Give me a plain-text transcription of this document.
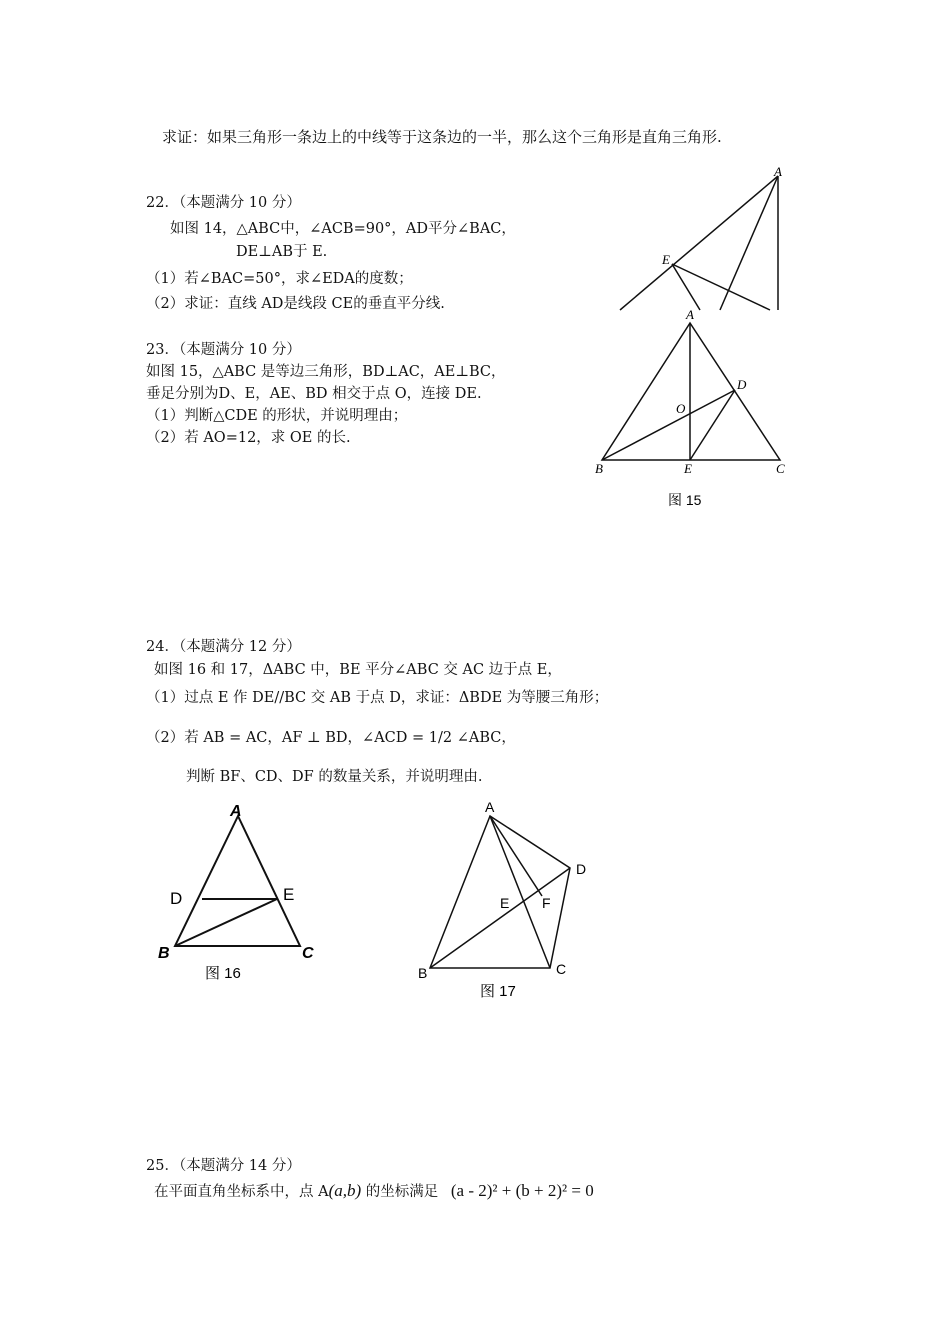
求证：如果三角形一条边上的中线等于这条边的一半，那么这个三角形是直角三角形.
22．（本题满分 10 分）
如图 14，△ABC中，∠ACB=90°，AD平分∠BAC，
DE⊥AB于 E.
（1）若∠BAC=50°，求∠EDA的度数；
（2）求证：直线 AD是线段 CE的垂直平分线.
A
E
23．（本题满分 10 分）
如图 15，△ABC 是等边三角形，BD⊥AC，AE⊥BC，
垂足分别为D、E，AE、BD 相交于点 O，连接 DE.
（1）判断△CDE 的形状，并说明理由；
（2）若 AO=12，求 OE 的长.
A
D
O
B	E	C
图 15
24．（本题满分 12 分）
如图 16 和 17，ΔABC 中，BE 平分∠ABC 交 AC 边于点 E，
（1）过点 E 作 DE//BC 交 AB 于点 D，求证：ΔBDE 为等腰三角形；
（2）若 AB = AC，AF ⊥ BD，∠ACD = 1/2 ∠ABC，
判断 BF、CD、DF 的数量关系，并说明理由.
A
D	E
B	C
图 16
A
D
E F
B	C
图 17
25．（本题满分 14 分）
在平面直角坐标系中，点 A(a,b) 的坐标满足 (a - 2)² + (b + 2)² = 0
